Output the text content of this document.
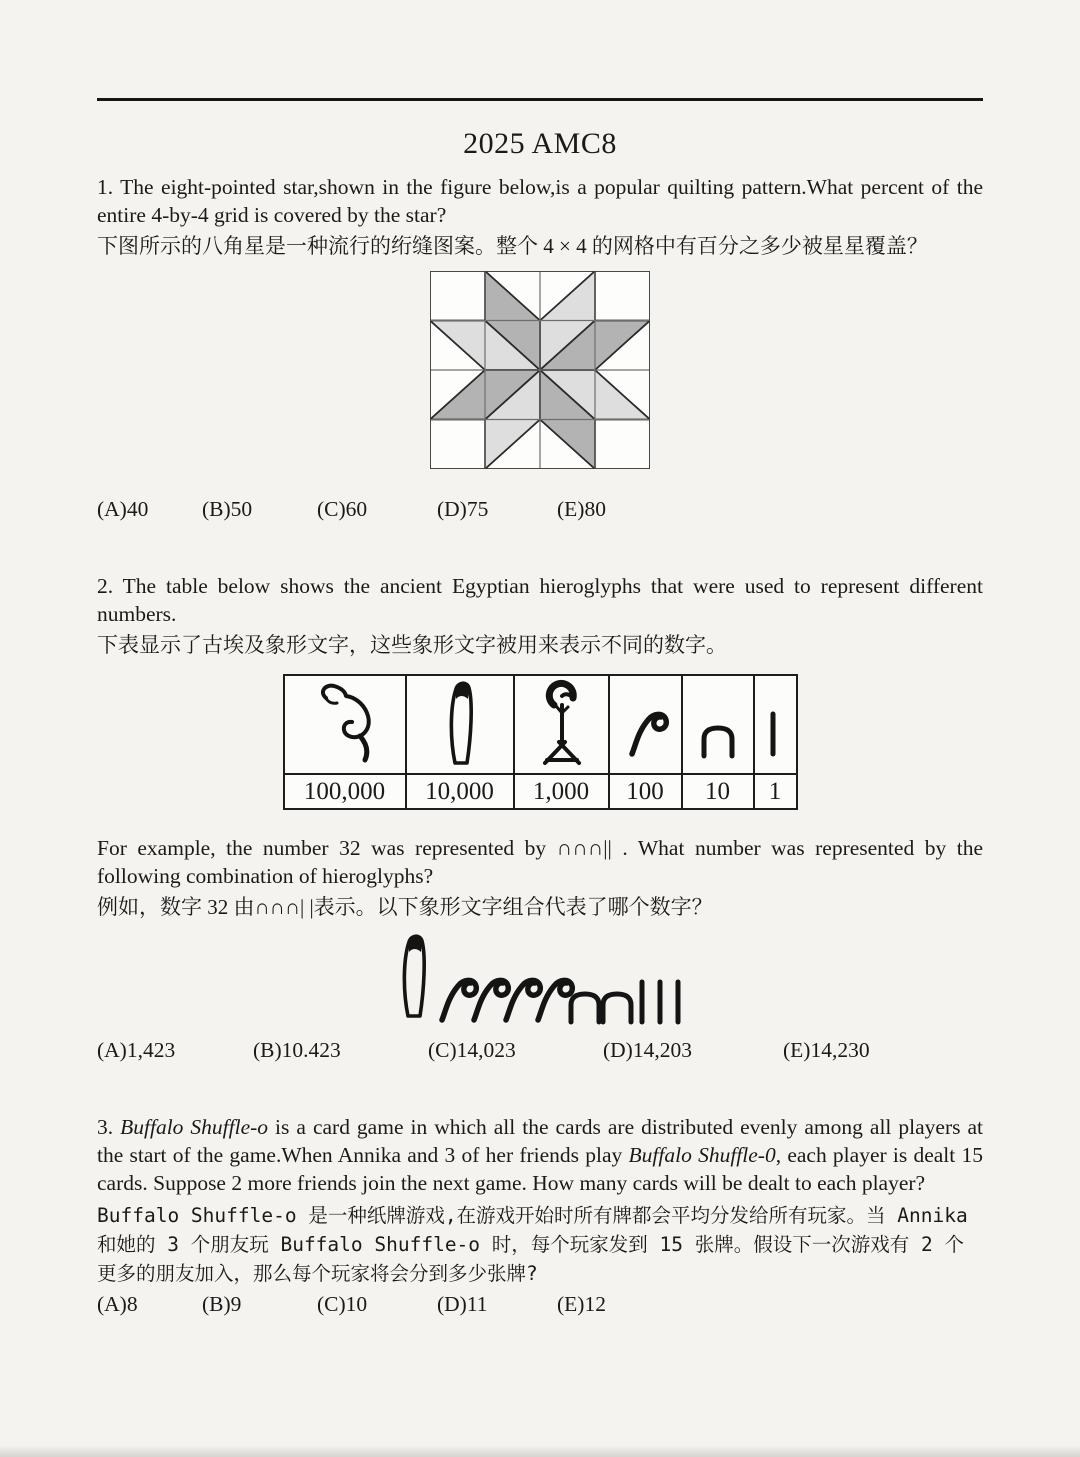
2025 AMC8

1. The eight-pointed star,shown in the figure below,is a popular quilting pattern.What percent of the entire 4-by-4 grid is covered by the star?

下图所示的八角星是一种流行的绗缝图案。整个 4 × 4 的网格中有百分之多少被星星覆盖？

(A)40 (B)50	(C)60	(D)75	(E)80

2. The table below shows the ancient Egyptian hieroglyphs that were used to represent different numbers.

下表显示了古埃及象形文字，这些象形文字被用来表示不同的数字。

100,000	10,000	1,000	100	10	1

For example, the number 32 was represented by ∩∩∩|| . What number was represented by the following combination of hieroglyphs?

例如，数字 32 由∩∩∩| |表示。以下象形文字组合代表了哪个数字？

(A)1,423	(B)10.423	(C)14,023	(D)14,203	(E)14,230

3. Buffalo Shuffle-o is a card game in which all the cards are distributed evenly among all players at the start of the game.When Annika and 3 of her friends play Buffalo Shuffle-0, each player is dealt 15 cards. Suppose 2 more friends join the next game. How many cards will be dealt to each player?

Buffalo Shuffle-o 是一种纸牌游戏,在游戏开始时所有牌都会平均分发给所有玩家。当 Annika 和她的 3 个朋友玩 Buffalo Shuffle-o 时，每个玩家发到 15 张牌。假设下一次游戏有 2 个更多的朋友加入，那么每个玩家将会分到多少张牌?

(A)8	(B)9	(C)10	(D)11	(E)12
